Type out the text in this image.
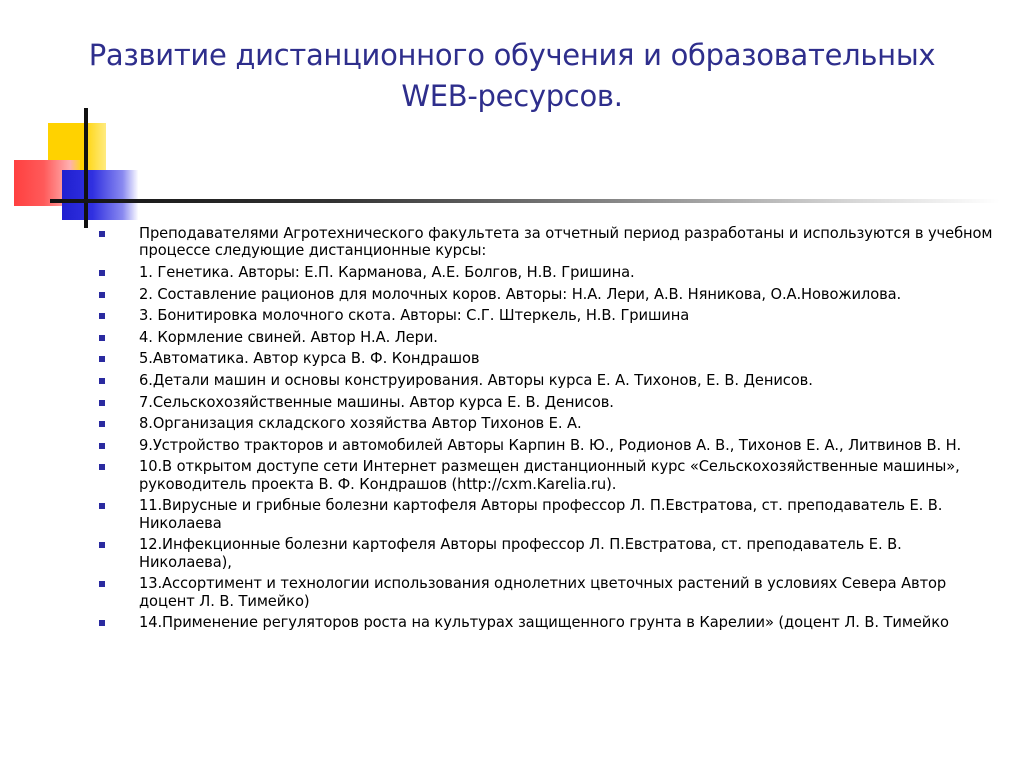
Развитие дистанционного обучения и образовательных
WEB-ресурсов.
Преподавателями Агротехнического факультета за отчетный период разработаны и используются в учебном процессе следующие дистанционные курсы:
1. Генетика. Авторы: Е.П. Карманова, А.Е. Болгов, Н.В. Гришина.
2. Составление рационов для молочных коров. Авторы: Н.А. Лери, А.В. Няникова, О.А.Новожилова.
3. Бонитировка молочного скота. Авторы: С.Г. Штеркель, Н.В. Гришина
4. Кормление свиней. Автор Н.А. Лери.
5.Автоматика. Автор курса В. Ф. Кондрашов
6.Детали машин и основы конструирования. Авторы курса Е. А. Тихонов, Е. В. Денисов.
7.Сельскохозяйственные машины. Автор курса Е. В. Денисов.
8.Организация складского хозяйства Автор Тихонов Е. А.
9.Устройство тракторов и автомобилей Авторы Карпин В. Ю., Родионов А. В., Тихонов Е. А., Литвинов В. Н.
10.В открытом доступе сети Интернет размещен дистанционный курс «Сельскохозяйственные машины», руководитель проекта В. Ф. Кондрашов (http://cxm.Karelia.ru).
11.Вирусные и грибные болезни картофеля Авторы профессор Л. П.Евстратова, ст. преподаватель Е. В. Николаева
12.Инфекционные болезни картофеля Авторы профессор Л. П.Евстратова, ст. преподаватель Е. В. Николаева),
13.Ассортимент и технологии использования однолетних цветочных растений в условиях Севера Автор доцент Л. В. Тимейко)
14.Применение регуляторов роста на культурах защищенного грунта в Карелии» (доцент Л. В. Тимейко
